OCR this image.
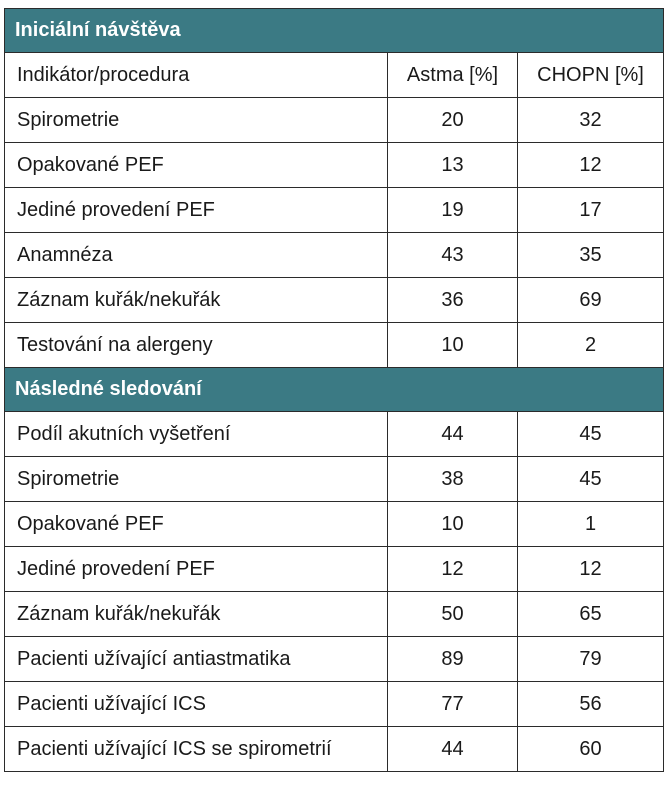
Iniciální návštěva		
Indikátor/procedura	Astma [%]	CHOPN [%]
Spirometrie	20	32
Opakované PEF	13	12
Jediné provedení PEF	19	17
Anamnéza	43	35
Záznam kuřák/nekuřák	36	69
Testování na alergeny	10	2
Následné sledování		
Podíl akutních vyšetření	44	45
Spirometrie	38	45
Opakované PEF	10	1
Jediné provedení PEF	12	12
Záznam kuřák/nekuřák	50	65
Pacienti užívající antiastmatika	89	79
Pacienti užívající ICS	77	56
Pacienti užívající ICS se spirometrií	44	60
